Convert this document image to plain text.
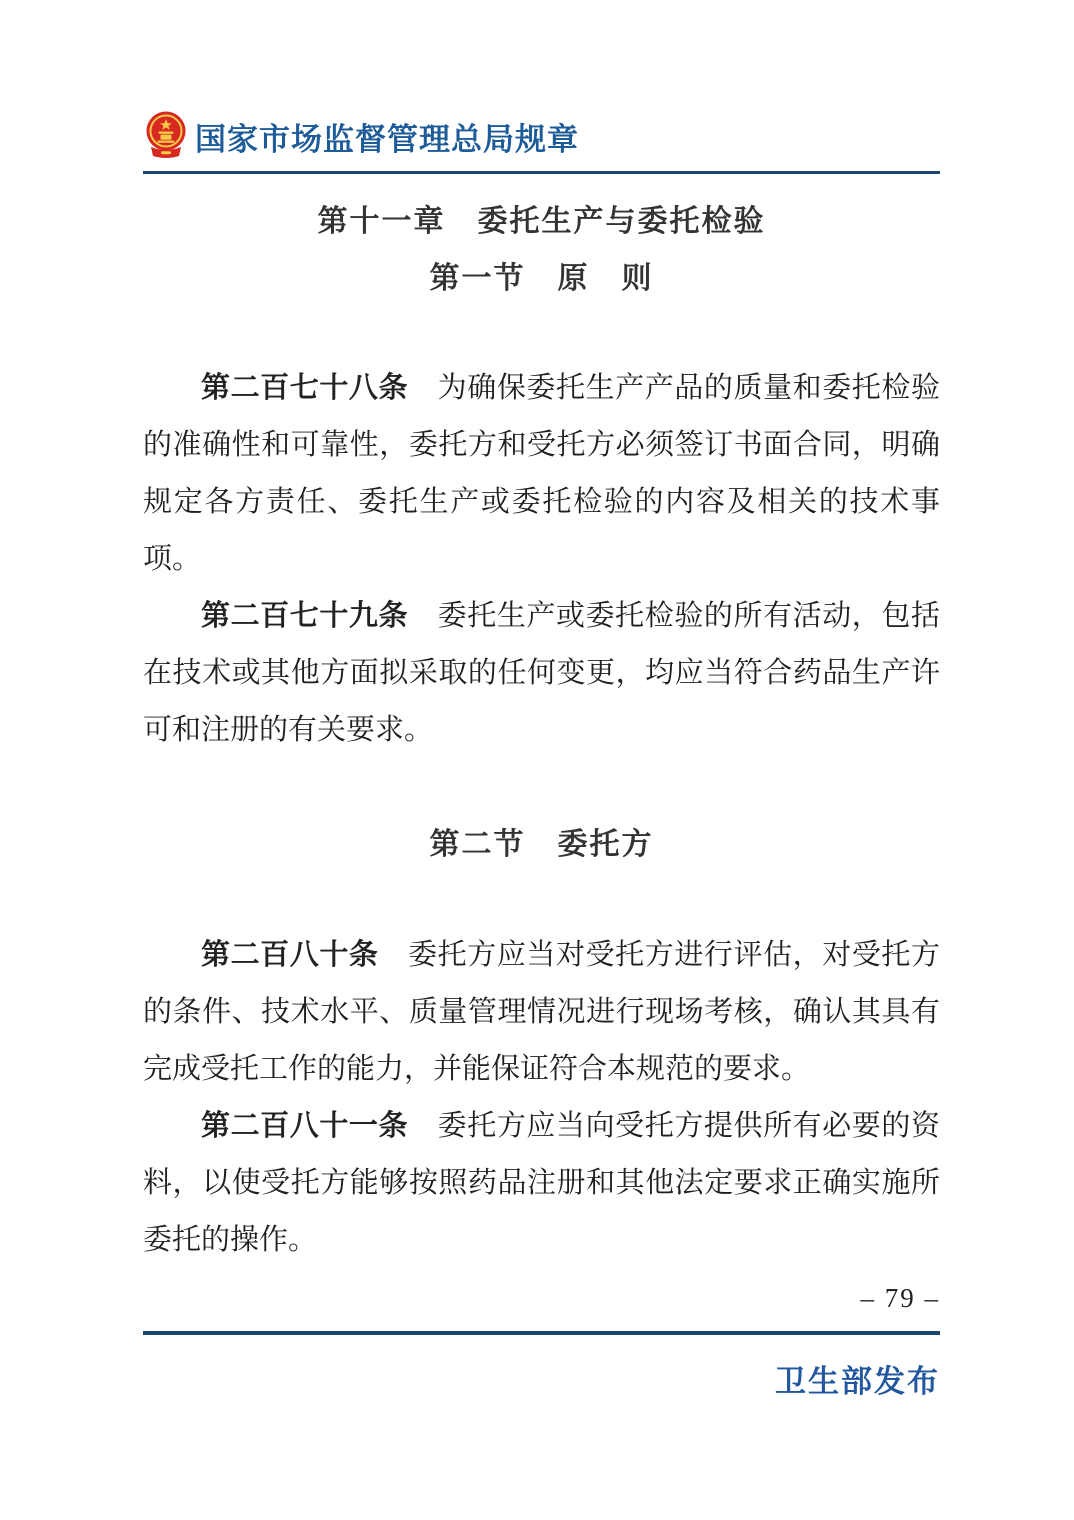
国家市场监督管理总局规章
第十一章　委托生产与委托检验
第一节　原　则

第二百七十八条　为确保委托生产产品的质量和委托检验的准确性和可靠性，委托方和受托方必须签订书面合同，明确规定各方责任、委托生产或委托检验的内容及相关的技术事项。

第二百七十九条　委托生产或委托检验的所有活动，包括在技术或其他方面拟采取的任何变更，均应当符合药品生产许可和注册的有关要求。

第二节　委托方

第二百八十条　委托方应当对受托方进行评估，对受托方的条件、技术水平、质量管理情况进行现场考核，确认其具有完成受托工作的能力，并能保证符合本规范的要求。

第二百八十一条　委托方应当向受托方提供所有必要的资料，以使受托方能够按照药品注册和其他法定要求正确实施所委托的操作。

– 79 –
卫生部发布
